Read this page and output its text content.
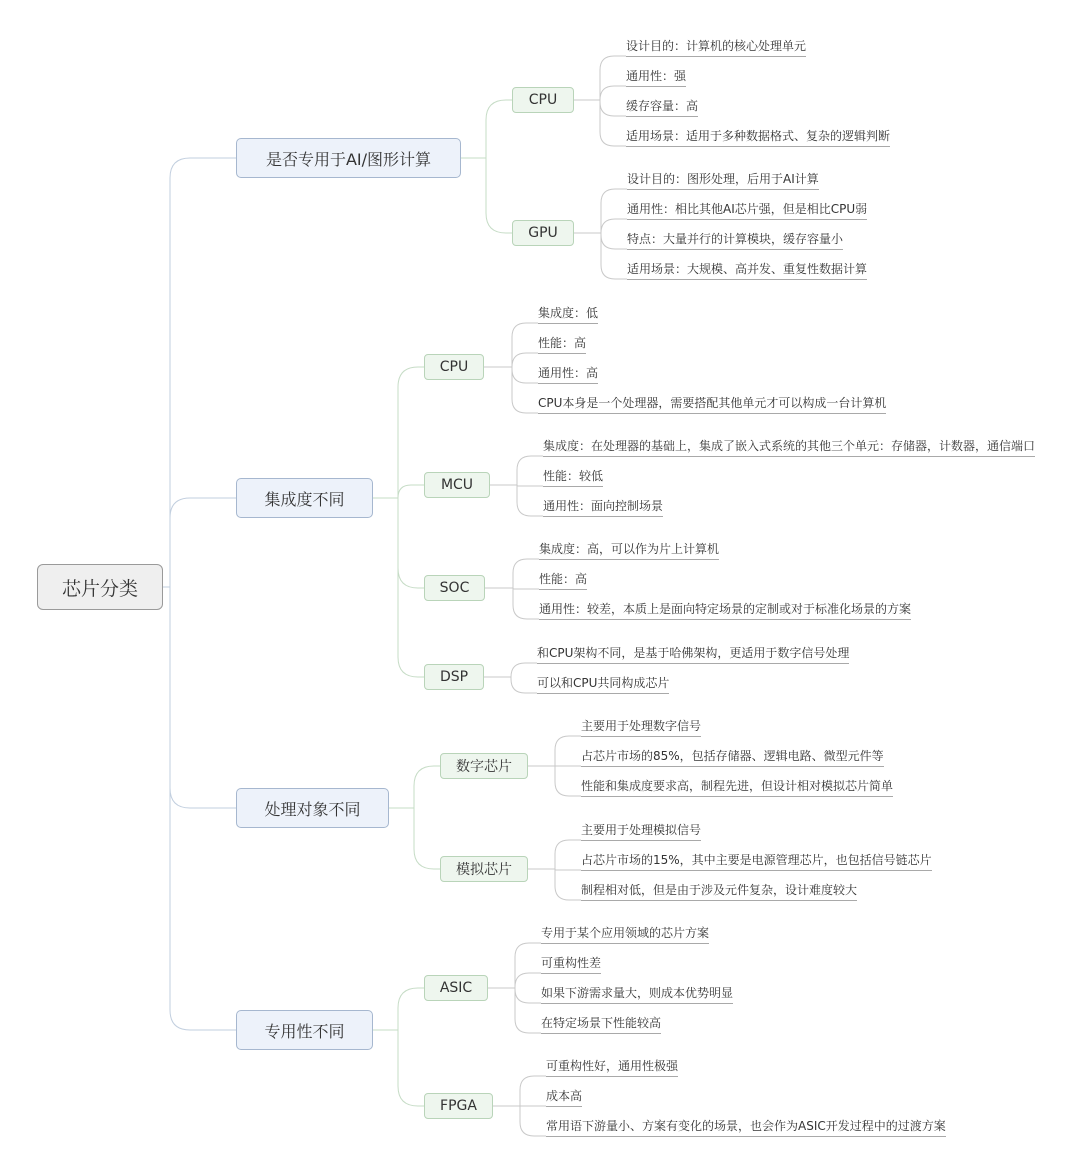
芯片分类
是否专用于AI/图形计算
CPU
设计目的：计算机的核心处理单元
通用性：强
缓存容量：高
适用场景：适用于多种数据格式、复杂的逻辑判断
GPU
设计目的：图形处理，后用于AI计算
通用性：相比其他AI芯片强，但是相比CPU弱
特点：大量并行的计算模块，缓存容量小
适用场景：大规模、高并发、重复性数据计算
集成度不同
CPU
集成度：低
性能：高
通用性：高
CPU本身是一个处理器，需要搭配其他单元才可以构成一台计算机
MCU
集成度：在处理器的基础上，集成了嵌入式系统的其他三个单元：存储器，计数器，通信端口
性能：较低
通用性：面向控制场景
SOC
集成度：高，可以作为片上计算机
性能：高
通用性：较差，本质上是面向特定场景的定制或对于标准化场景的方案
DSP
和CPU架构不同，是基于哈佛架构，更适用于数字信号处理
可以和CPU共同构成芯片
处理对象不同
数字芯片
主要用于处理数字信号
占芯片市场的85%，包括存储器、逻辑电路、微型元件等
性能和集成度要求高，制程先进，但设计相对模拟芯片简单
模拟芯片
主要用于处理模拟信号
占芯片市场的15%，其中主要是电源管理芯片，也包括信号链芯片
制程相对低，但是由于涉及元件复杂，设计难度较大
专用性不同
ASIC
专用于某个应用领域的芯片方案
可重构性差
如果下游需求量大，则成本优势明显
在特定场景下性能较高
FPGA
可重构性好，通用性极强
成本高
常用语下游量小、方案有变化的场景，也会作为ASIC开发过程中的过渡方案
